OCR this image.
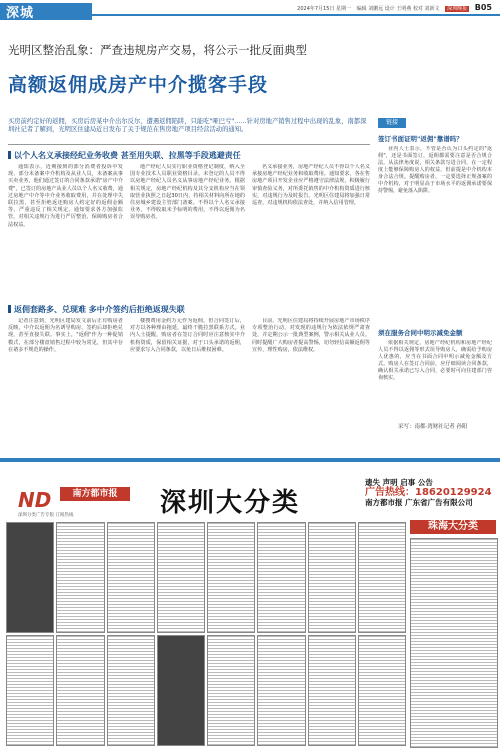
深城	2024年7月15日 星期一 编辑 刘鹏远 设计 王明燕 校对 刘新文 深圳晚报 B05
光明区整治乱象：严查违规房产交易，将公示一批反面典型
高额返佣成房产中介揽客手段
买房前约定好的返佣，买房后房某中介出尔反尔，遭遇返佣陷阱，只能吃"哑巴亏"……针对房地产销售过程中出现的乱象，南都深圳社记者了解到，光明区住建局近日发布了关于规范在售房地产项目经营活动的通知。
以个人名义承接经纪业务收费 甚至用失联、拉黑等手段逃避责任

通知表示，近期接到的部分消费者投诉中发现，部分未备案中介机构及从业人员，未备案从事买卖业务，他们通过签订的合同条款承诺"房产中介费"，已签订的房地产从业人员以个人名义收费，通过房地产中介等中介业务收取费用，并在处理中失联拉黑，甚至拒绝返还购房人约定好的返佣金额等，严重违反了相关规定。通知要求各方加强监管，对相关违规行为进行严厉整治，保障购房者合法权益。

地产经纪人员实行职业资格登记制度，纳入全国专业技术人员职业资格目录。未登记的人员不得以房地产经纪人员名义从事房地产经纪业务。根据相关规定，房地产经纪机构及其分支机构应当在领取营业执照之日起30日内，持相关材料向所在地的住房城乡建设主管部门备案。不得以个人名义承接业务，不得收取未予标明的费用，不得以返佣为名误导购房者。

名义承接业务，房地产经纪人员不得以个人名义承接房地产经纪业务和收取费用。通知要求，各在售房地产项目开发企业应严格遵守法律法规，积极履行审慎查验义务，对所委托销售的中介机构资质进行核实，对违规行为及时报告。光明区住建局将加强日常巡查，对违规机构依法查处，并纳入信用管理。

返佣套路多、兑现难 多中介签约后拒绝返现失联

记者注意到，光明区建局发文前后正有购房者反映，中介以返佣为名诱导购房，签约后却拒绝兑现，甚至直接失联。事实上，"返佣"作为一种促销模式，在部分楼盘销售过程中较为常见，但其中存在诸多不规范的操作。

楼搜费用金约万元作为返佣，但合同签订后，对方以各种理由拖延，最终干脆拉黑联系方式。业内人士提醒，购房者在签订合同时应注意核实中介机构资质，保留相关证据，对于口头承诺的返佣，应要求写入合同条款，以免日后维权困难。

目前，光明区住建局将持续开展房地产市场秩序专项整治行动，对发现的违规行为依法依规严肃查处，并定期公示一批典型案例，警示相关从业人员。同时提醒广大购房者提高警惕，切勿轻信高额返佣等宣传，理性购房，依法维权。

链接
签订书面证明"返佣"靠谱吗？

业内人士表示，不管是否认为口头约定的"返佣"，还是书面签订，返佣都需要注意是否合规合法。从法律角度说，相关条款写进合同，在一定程度上能够保障购房人的权益，但前提是中介机构本身合法合规。提醒购房者，一定要选择正规备案的中介机构，对于明显高于市场水平的返佣承诺要保持警惕，避免落入陷阱。

须在服务合同中明示减免金额

依据相关规定，房地产经纪机构和房地产经纪人员不得以返佣等形式误导购房人，确需给予购房人优惠的，应当在书面合同中明示减免金额及方式。购房人在签订合同前，应仔细阅读合同条款，确认相关承诺已写入合同，必要时可向住建部门咨询核实。

采写：南都·湾财社记者 孙阳
ND	南方都市报
深圳分类广告专版 订阅热线	深圳大分类
遗失 声明 启事 公告
广告热线：18620129924
南方都市报 广东省广告有限公司
珠海大分类
